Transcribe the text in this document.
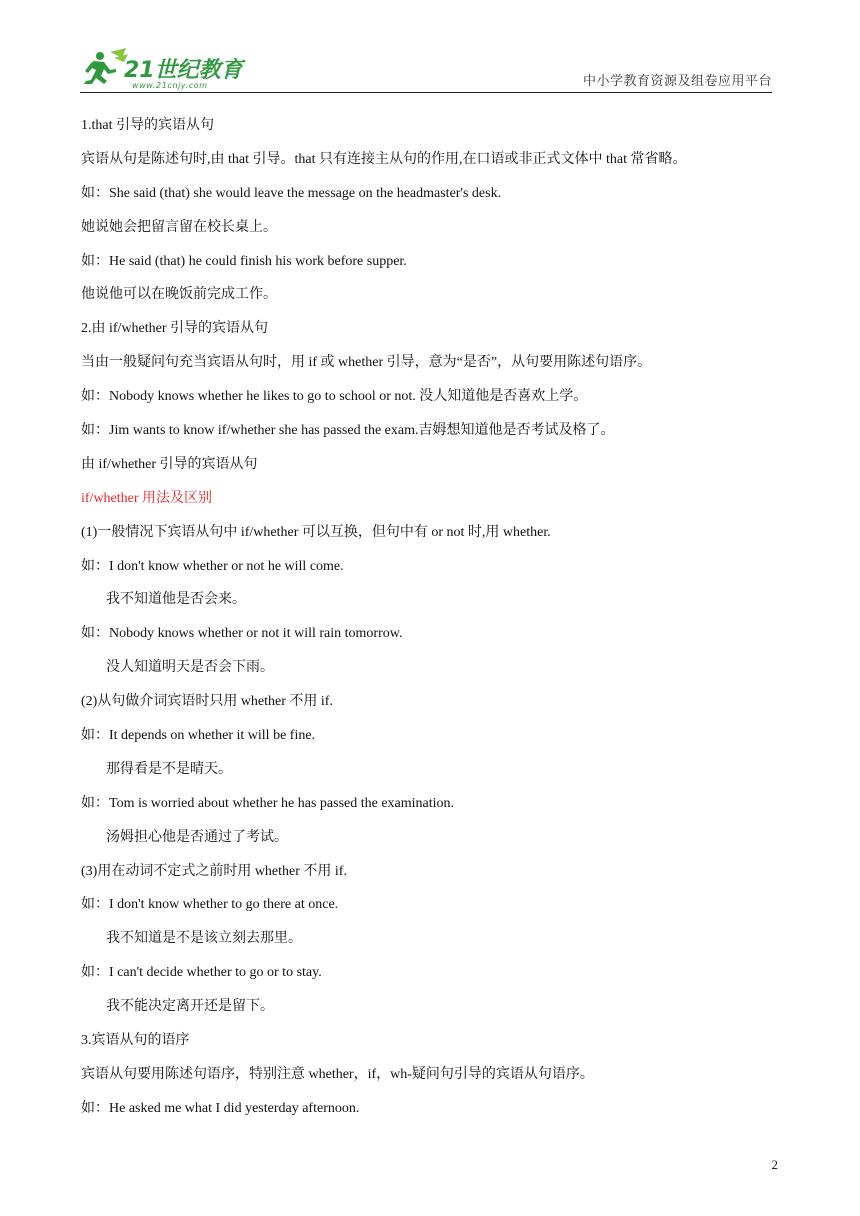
21世纪教育
www.21cnjy.com	中小学教育资源及组卷应用平台
1.that 引导的宾语从句
宾语从句是陈述句时,由 that 引导。that 只有连接主从句的作用,在口语或非正式文体中 that 常省略。
如：She said (that) she would leave the message on the headmaster's desk.
她说她会把留言留在校长桌上。
如：He said (that) he could finish his work before supper.
他说他可以在晚饭前完成工作。
2.由 if/whether 引导的宾语从句
当由一般疑问句充当宾语从句时，用 if 或 whether 引导，意为“是否”，从句要用陈述句语序。
如：Nobody knows whether he likes to go to school or not. 没人知道他是否喜欢上学。
如：Jim wants to know if/whether she has passed the exam.吉姆想知道他是否考试及格了。
由 if/whether 引导的宾语从句
if/whether 用法及区别
(1)一般情况下宾语从句中 if/whether 可以互换，但句中有 or not 时,用 whether.
如：I don't know whether or not he will come.
我不知道他是否会来。
如：Nobody knows whether or not it will rain tomorrow.
没人知道明天是否会下雨。
(2)从句做介词宾语时只用 whether 不用 if.
如：It depends on whether it will be fine.
那得看是不是晴天。
如：Tom is worried about whether he has passed the examination.
汤姆担心他是否通过了考试。
(3)用在动词不定式之前时用 whether 不用 if.
如：I don't know whether to go there at once.
我不知道是不是该立刻去那里。
如：I can't decide whether to go or to stay.
我不能决定离开还是留下。
3.宾语从句的语序
宾语从句要用陈述句语序，特别注意 whether，if，wh-疑问句引导的宾语从句语序。
如：He asked me what I did yesterday afternoon.
2
